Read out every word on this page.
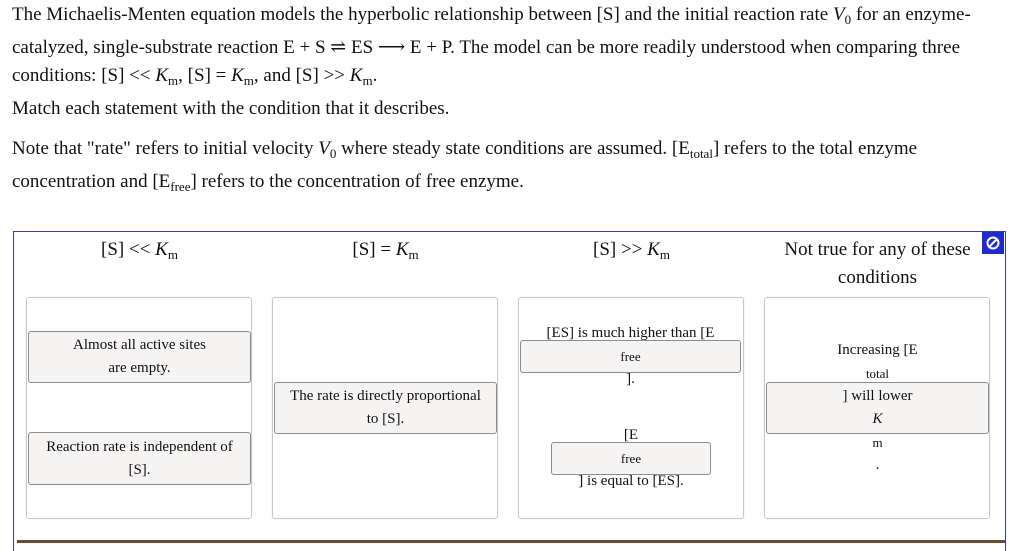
The Michaelis-Menten equation models the hyperbolic relationship between [S] and the initial reaction rate $V_0$ for an enzyme-catalyzed, single-substrate reaction E + S ⇌ ES ⟶ E + P. The model can be more readily understood when comparing three conditions: $[S] << K_m$, $[S] = K_m$, and $[S] >> K_m$.

Match each statement with the condition that it describes.

Note that "rate" refers to initial velocity $V_0$ where steady state conditions are assumed. $[E_{total}]$ refers to the total enzyme concentration and $[E_{free}]$ refers to the concentration of free enzyme.

$[S] << K_m$	$[S] = K_m$	$[S] >> K_m$	Not true for any of these conditions
Almost all active sites
are empty.
Reaction rate is independent of
[S].
The rate is directly proportional
to [S].
[ES] is much higher than [E
free
].
[E
free
] is equal to [ES].
Increasing [E
total
] will lower
K
m
.
